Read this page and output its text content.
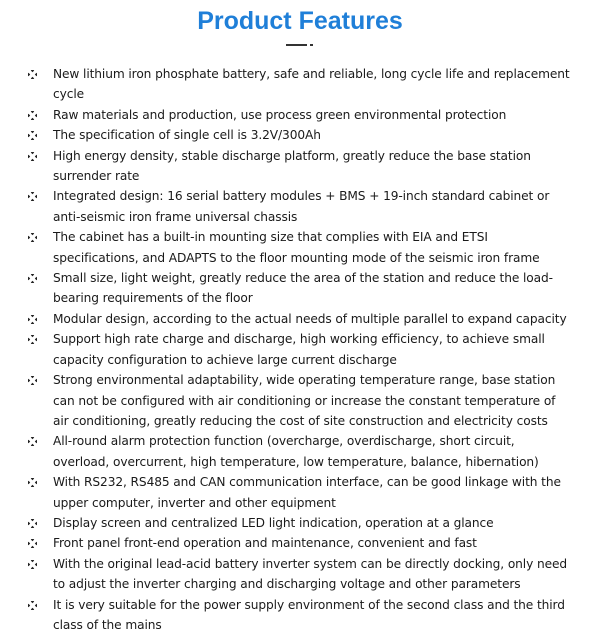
Product Features
New lithium iron phosphate battery, safe and reliable, long cycle life and replacement cycle
Raw materials and production, use process green environmental protection
The specification of single cell is 3.2V/300Ah
High energy density, stable discharge platform, greatly reduce the base station surrender rate
Integrated design: 16 serial battery modules + BMS + 19-inch standard cabinet or anti-seismic iron frame universal chassis
The cabinet has a built-in mounting size that complies with EIA and ETSI specifications, and ADAPTS to the floor mounting mode of the seismic iron frame
Small size, light weight, greatly reduce the area of the station and reduce the load-bearing requirements of the floor
Modular design, according to the actual needs of multiple parallel to expand capacity
Support high rate charge and discharge, high working efficiency, to achieve small capacity configuration to achieve large current discharge
Strong environmental adaptability, wide operating temperature range, base station can not be configured with air conditioning or increase the constant temperature of air conditioning, greatly reducing the cost of site construction and electricity costs
All-round alarm protection function (overcharge, overdischarge, short circuit, overload, overcurrent, high temperature, low temperature, balance, hibernation)
With RS232, RS485 and CAN communication interface, can be good linkage with the upper computer, inverter and other equipment
Display screen and centralized LED light indication, operation at a glance
Front panel front-end operation and maintenance, convenient and fast
With the original lead-acid battery inverter system can be directly docking, only need to adjust the inverter charging and discharging voltage and other parameters
It is very suitable for the power supply environment of the second class and the third class of the mains
